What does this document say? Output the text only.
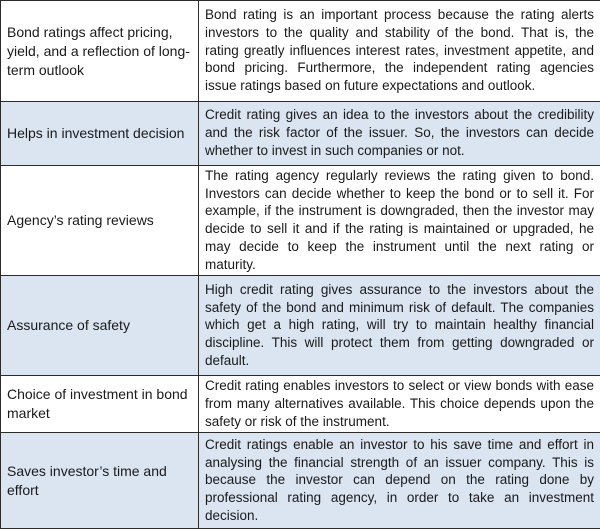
Bond ratings affect pricing, yield, and a reflection of long-term outlook	Bond rating is an important process because the rating alerts investors to the quality and stability of the bond. That is, the rating greatly influences interest rates, investment appetite, and bond pricing. Furthermore, the independent rating agencies issue ratings based on future expectations and outlook.
Helps in investment decision	Credit rating gives an idea to the investors about the credibility and the risk factor of the issuer. So, the investors can decide whether to invest in such companies or not.
Agency’s rating reviews	The rating agency regularly reviews the rating given to bond. Investors can decide whether to keep the bond or to sell it. For example, if the instrument is downgraded, then the investor may decide to sell it and if the rating is maintained or upgraded, he may decide to keep the instrument until the next rating or maturity.
Assurance of safety	High credit rating gives assurance to the investors about the safety of the bond and minimum risk of default. The companies which get a high rating, will try to maintain healthy financial discipline. This will protect them from getting downgraded or default.
Choice of investment in bond market	Credit rating enables investors to select or view bonds with ease from many alternatives available. This choice depends upon the safety or risk of the instrument.
Saves investor’s time and effort	Credit ratings enable an investor to his save time and effort in analysing the financial strength of an issuer company. This is because the investor can depend on the rating done by professional rating agency, in order to take an investment decision.
